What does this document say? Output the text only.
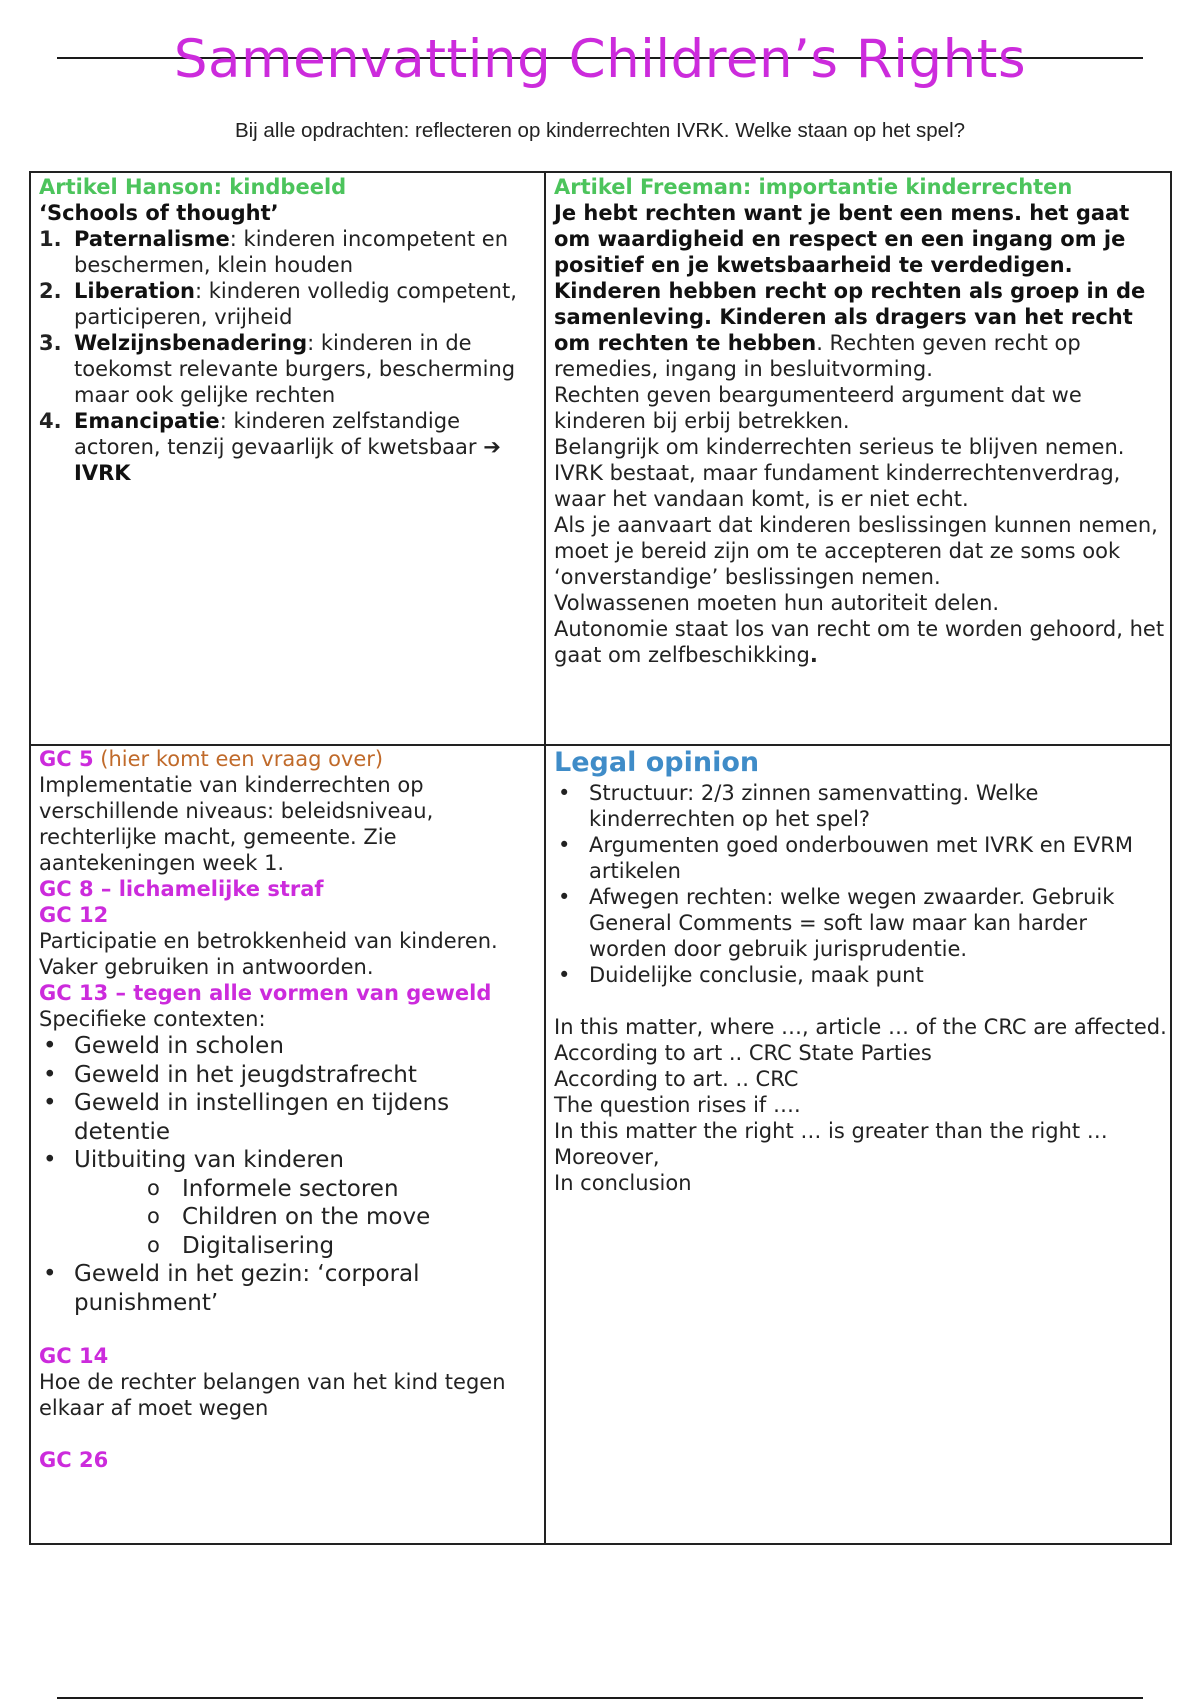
Samenvatting Children’s Rights
Bij alle opdrachten: reflecteren op kinderrechten IVRK. Welke staan op het spel?
Artikel Hanson: kindbeeld
‘Schools of thought’
1. Paternalisme: kinderen incompetent en beschermen, klein houden
2. Liberation: kinderen volledig competent, participeren, vrijheid
3. Welzijnsbenadering: kinderen in de toekomst relevante burgers, bescherming maar ook gelijke rechten
4. Emancipatie: kinderen zelfstandige actoren, tenzij gevaarlijk of kwetsbaar ➔
IVRK
Artikel Freeman: importantie kinderrechten
Je hebt rechten want je bent een mens. het gaat om waardigheid en respect en een ingang om je positief en je kwetsbaarheid te verdedigen.
Kinderen hebben recht op rechten als groep in de samenleving. Kinderen als dragers van het recht om rechten te hebben. Rechten geven recht op remedies, ingang in besluitvorming.
Rechten geven beargumenteerd argument dat we kinderen bij erbij betrekken.
Belangrijk om kinderrechten serieus te blijven nemen. IVRK bestaat, maar fundament kinderrechtenverdrag, waar het vandaan komt, is er niet echt.
Als je aanvaart dat kinderen beslissingen kunnen nemen, moet je bereid zijn om te accepteren dat ze soms ook ‘onverstandige’ beslissingen nemen.
Volwassenen moeten hun autoriteit delen.
Autonomie staat los van recht om te worden gehoord, het gaat om zelfbeschikking.
GC 5 (hier komt een vraag over)
Implementatie van kinderrechten op verschillende niveaus: beleidsniveau, rechterlijke macht, gemeente. Zie aantekeningen week 1.
GC 8 – lichamelijke straf
GC 12
Participatie en betrokkenheid van kinderen. Vaker gebruiken in antwoorden.
GC 13 – tegen alle vormen van geweld
Specifieke contexten:
• Geweld in scholen
• Geweld in het jeugdstrafrecht
• Geweld in instellingen en tijdens detentie
• Uitbuiting van kinderen
o Informele sectoren
o Children on the move
o Digitalisering
• Geweld in het gezin: ‘corporal punishment’
GC 14
Hoe de rechter belangen van het kind tegen elkaar af moet wegen
GC 26
Legal opinion
• Structuur: 2/3 zinnen samenvatting. Welke kinderrechten op het spel?
• Argumenten goed onderbouwen met IVRK en EVRM artikelen
• Afwegen rechten: welke wegen zwaarder. Gebruik General Comments = soft law maar kan harder worden door gebruik jurisprudentie.
• Duidelijke conclusie, maak punt
In this matter, where …, article … of the CRC are affected.
According to art .. CRC State Parties
According to art. .. CRC
The question rises if ….
In this matter the right … is greater than the right …
Moreover,
In conclusion
